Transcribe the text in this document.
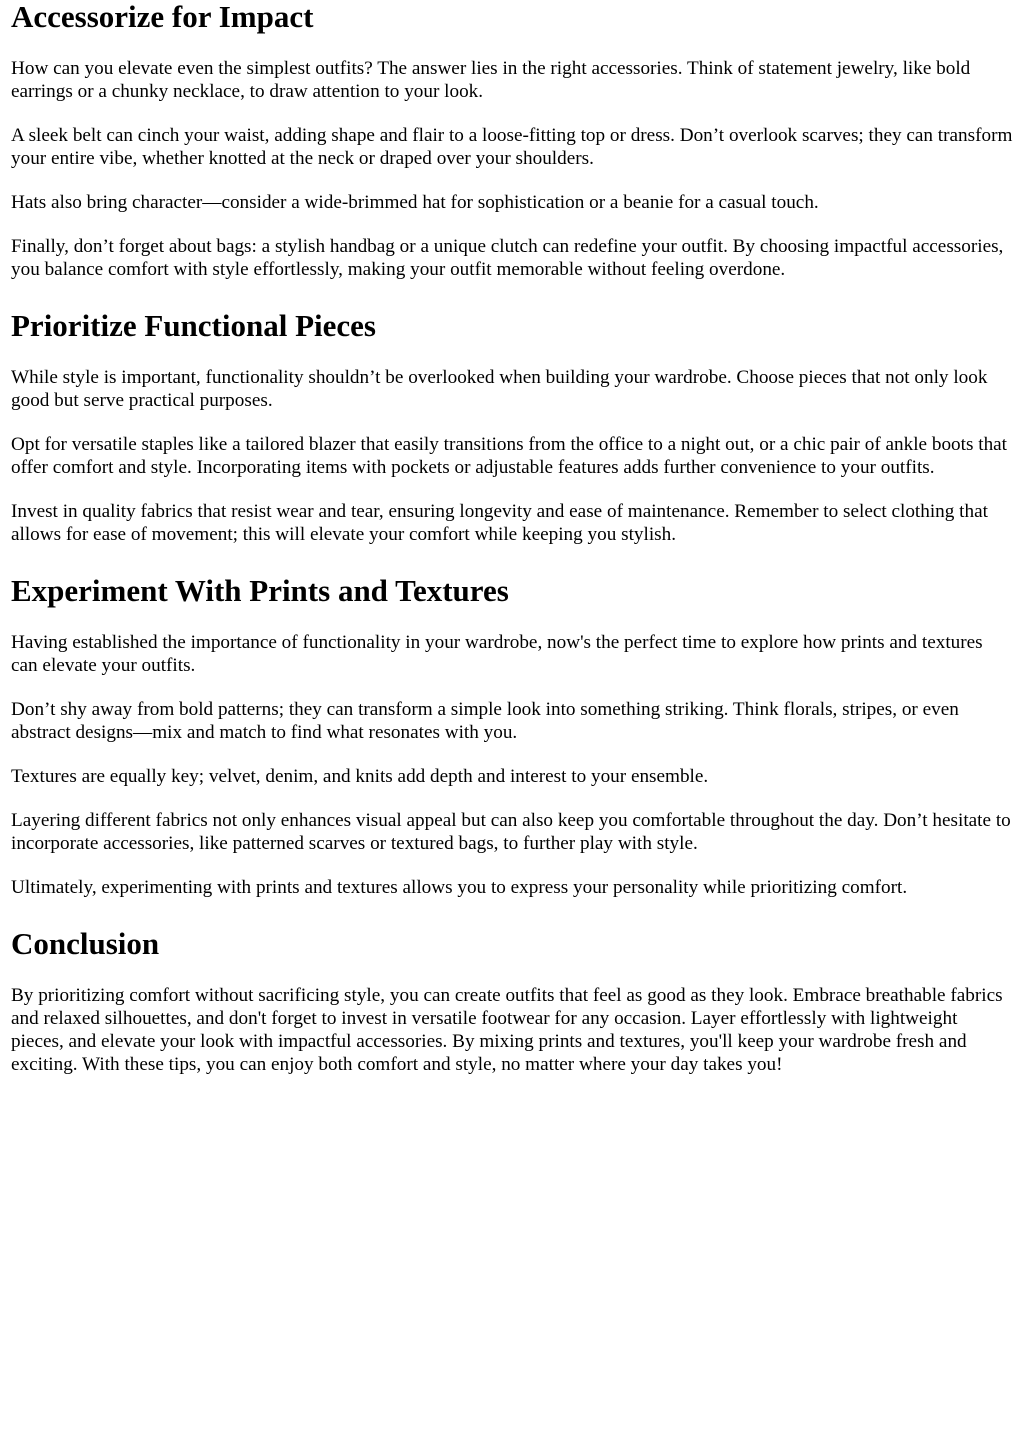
Accessorize for Impact

How can you elevate even the simplest outfits? The answer lies in the right accessories. Think of statement jewelry, like bold earrings or a chunky necklace, to draw attention to your look.

A sleek belt can cinch your waist, adding shape and flair to a loose-fitting top or dress. Don’t overlook scarves; they can transform your entire vibe, whether knotted at the neck or draped over your shoulders.

Hats also bring character—consider a wide-brimmed hat for sophistication or a beanie for a casual touch.

Finally, don’t forget about bags: a stylish handbag or a unique clutch can redefine your outfit. By choosing impactful accessories, you balance comfort with style effortlessly, making your outfit memorable without feeling overdone.

Prioritize Functional Pieces

While style is important, functionality shouldn’t be overlooked when building your wardrobe. Choose pieces that not only look good but serve practical purposes.

Opt for versatile staples like a tailored blazer that easily transitions from the office to a night out, or a chic pair of ankle boots that offer comfort and style. Incorporating items with pockets or adjustable features adds further convenience to your outfits.

Invest in quality fabrics that resist wear and tear, ensuring longevity and ease of maintenance. Remember to select clothing that allows for ease of movement; this will elevate your comfort while keeping you stylish.

Experiment With Prints and Textures

Having established the importance of functionality in your wardrobe, now's the perfect time to explore how prints and textures can elevate your outfits.

Don’t shy away from bold patterns; they can transform a simple look into something striking. Think florals, stripes, or even abstract designs—mix and match to find what resonates with you.

Textures are equally key; velvet, denim, and knits add depth and interest to your ensemble.

Layering different fabrics not only enhances visual appeal but can also keep you comfortable throughout the day. Don’t hesitate to incorporate accessories, like patterned scarves or textured bags, to further play with style.

Ultimately, experimenting with prints and textures allows you to express your personality while prioritizing comfort.

Conclusion

By prioritizing comfort without sacrificing style, you can create outfits that feel as good as they look. Embrace breathable fabrics and relaxed silhouettes, and don't forget to invest in versatile footwear for any occasion. Layer effortlessly with lightweight pieces, and elevate your look with impactful accessories. By mixing prints and textures, you'll keep your wardrobe fresh and exciting. With these tips, you can enjoy both comfort and style, no matter where your day takes you!
